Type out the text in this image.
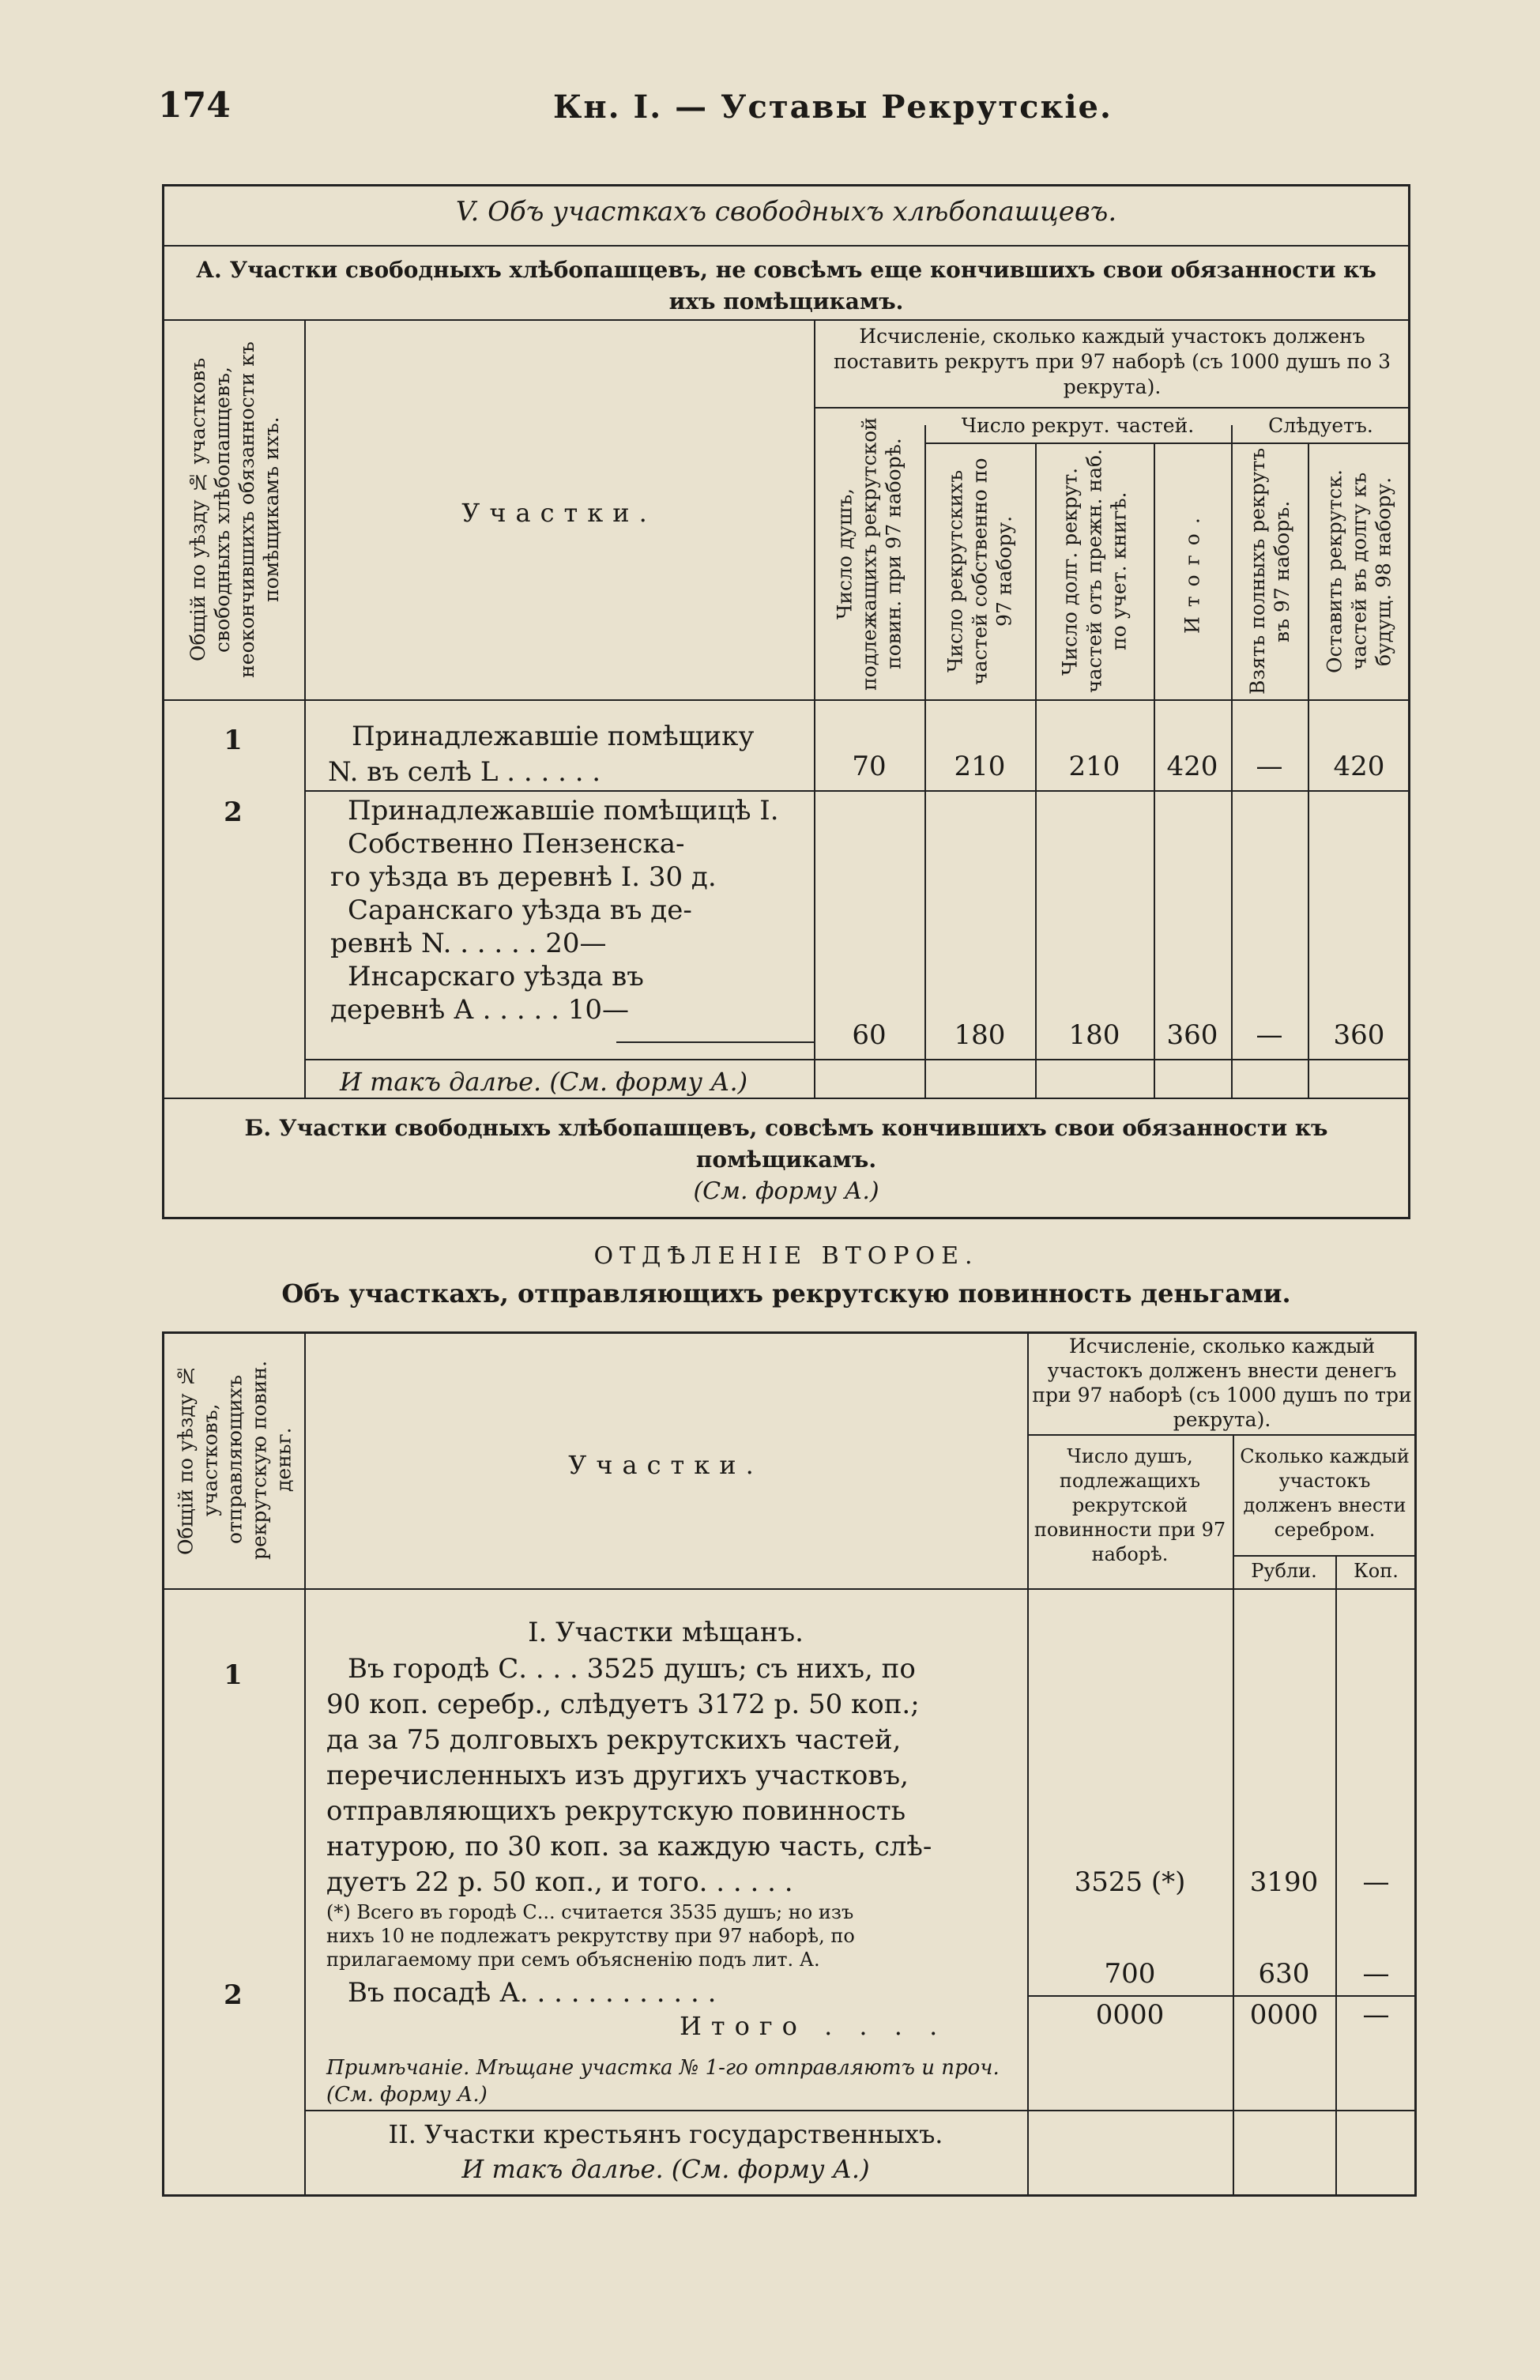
174	Кн. I. — Уставы Рекрутскіе.
V. Объ участкахъ свободныхъ хлѣбопашцевъ.
А. Участки свободныхъ хлѣбопашцевъ, не совсѣмъ еще кончившихъ свои обязанности къ ихъ помѣщикамъ.
Общій по уѣзду № участковъ свободныхъ хлѣбопашцевъ, неокончившихъ обязанности къ помѣщикамъ ихъ.	Участки.
Исчисленіе, сколько каждый участокъ долженъ поставить рекрутъ при 97 наборѣ (съ 1000 душъ по 3 рекрута).
Число душъ, подлежащихъ рекрутской повин. при 97 наборѣ.
Число рекрут. частей.
Число рекрутскихъ частей собственно по 97 набору.	Число долг. рекрут. частей отъ прежн. наб. по учет. книгѣ.	Итого.
Слѣдуетъ.
Взять полныхъ рекрутъ въ 97 наборъ.	Оставить рекрутск. частей въ долгу къ будущ. 98 набору.
1	Принадлежавшіе помѣщику
N. въ селѣ L . . . . . .	70	210	210	420	—	420
2	Принадлежавшіе помѣщицѣ I.
Собственно Пензенска-
го уѣзда въ деревнѣ I. 30 д.
Саранскаго уѣзда въ де-
ревнѣ N. . . . . . 20—
Инсарскаго уѣзда въ
деревнѣ А . . . . . 10—
60	180	180	360	—	360
И такъ далѣе. (См. форму А.)
Б. Участки свободныхъ хлѣбопашцевъ, совсѣмъ кончившихъ свои обязанности къ помѣщикамъ.
(См. форму А.)
ОТДѢЛЕНІЕ ВТОРОЕ.
Объ участкахъ, отправляющихъ рекрутскую повинность деньгами.
Общій по уѣзду № участковъ, отправляющихъ рекрутскую повин. деньг.	Участки.
Исчисленіе, сколько каждый участокъ долженъ внести денегъ при 97 наборѣ (съ 1000 душъ по три рекрута).
Число душъ, подлежащихъ рекрутской повинности при 97 наборѣ.
Сколько каждый участокъ долженъ внести серебром.
Рубли.	Коп.
I. Участки мѣщанъ.
1	Въ городѣ С. . . . 3525 душъ; съ нихъ, по
90 коп. серебр., слѣдуетъ 3172 р. 50 коп.;
да за 75 долговыхъ рекрутскихъ частей,
перечисленныхъ изъ другихъ участковъ,
отправляющихъ рекрутскую повинность
натурою, по 30 коп. за каждую часть, слѣ-
дуетъ 22 р. 50 коп., и того. . . . . .
(*) Всего въ городѣ С... считается 3535 душъ; но изъ
нихъ 10 не подлежатъ рекрутству при 97 наборѣ, по
прилагаемому при семъ объясненію подъ лит. А.
3525 (*)	3190	—
2	Въ посадѣ А. . . . . . . . . . . .
700	630	—
Итого . . . .	0000	0000	—
Примѣчаніе. Мѣщане участка № 1-го отправляютъ и проч. (См. форму А.)
II. Участки крестьянъ государственныхъ.
И такъ далѣе. (См. форму А.)
